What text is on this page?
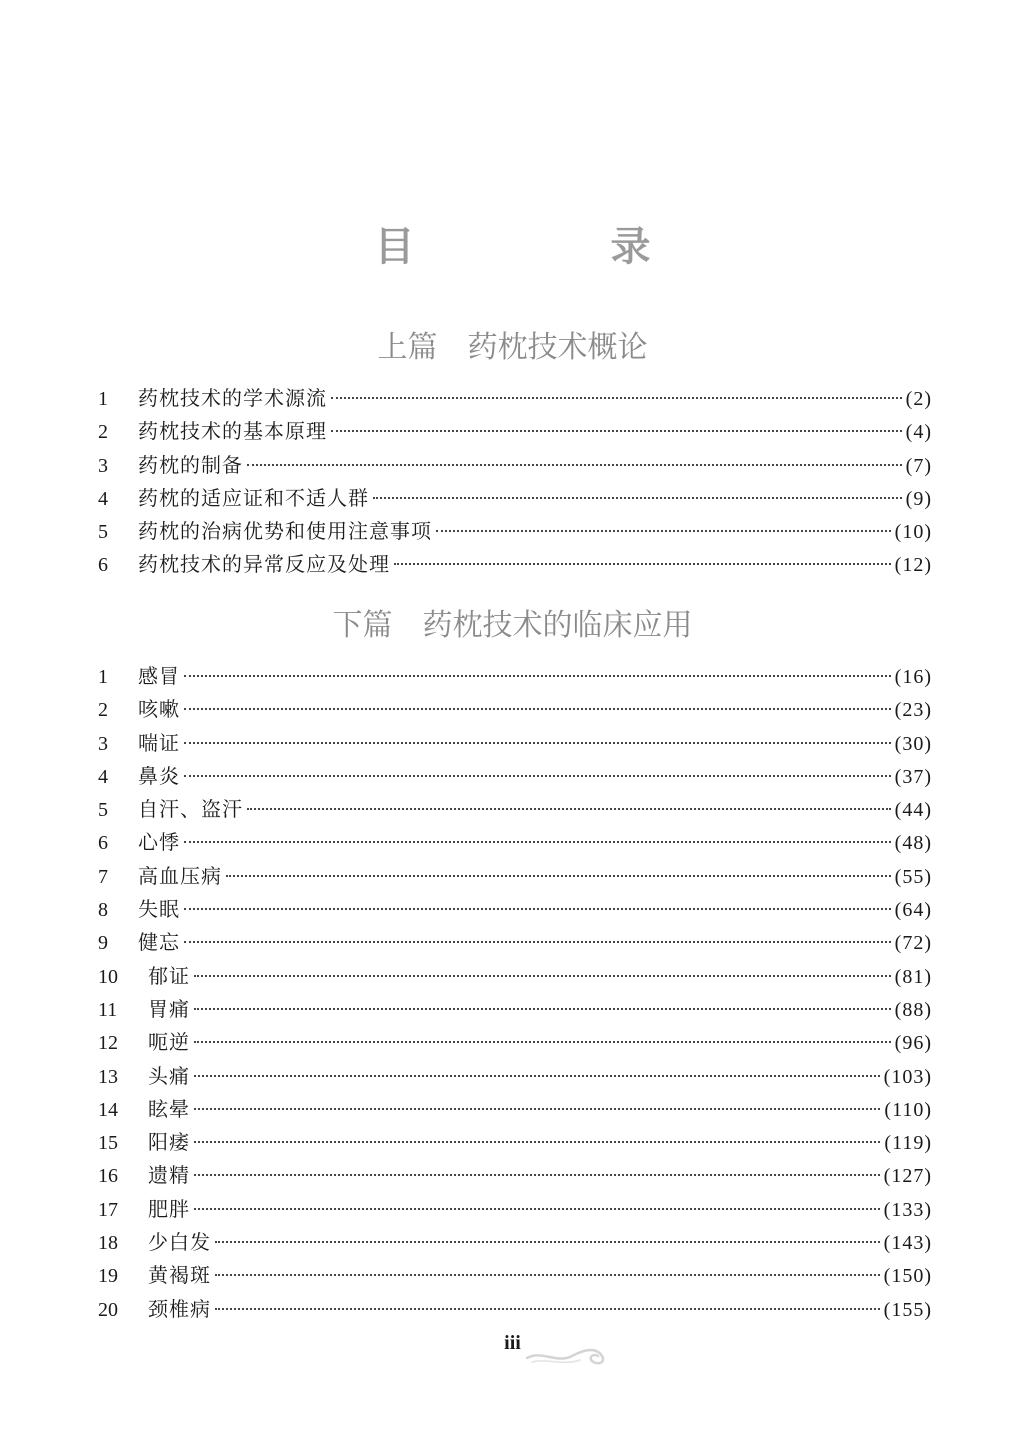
目　录
上篇　药枕技术概论
1	药枕技术的学术源流	(2)
2	药枕技术的基本原理	(4)
3	药枕的制备	(7)
4	药枕的适应证和不适人群	(9)
5	药枕的治病优势和使用注意事项	(10)
6	药枕技术的异常反应及处理	(12)
下篇　药枕技术的临床应用
1	感冒	(16)
2	咳嗽	(23)
3	喘证	(30)
4	鼻炎	(37)
5	自汗、盗汗	(44)
6	心悸	(48)
7	高血压病	(55)
8	失眠	(64)
9	健忘	(72)
10	郁证	(81)
11	胃痛	(88)
12	呃逆	(96)
13	头痛	(103)
14	眩晕	(110)
15	阳痿	(119)
16	遗精	(127)
17	肥胖	(133)
18	少白发	(143)
19	黄褐斑	(150)
20	颈椎病	(155)
iii
